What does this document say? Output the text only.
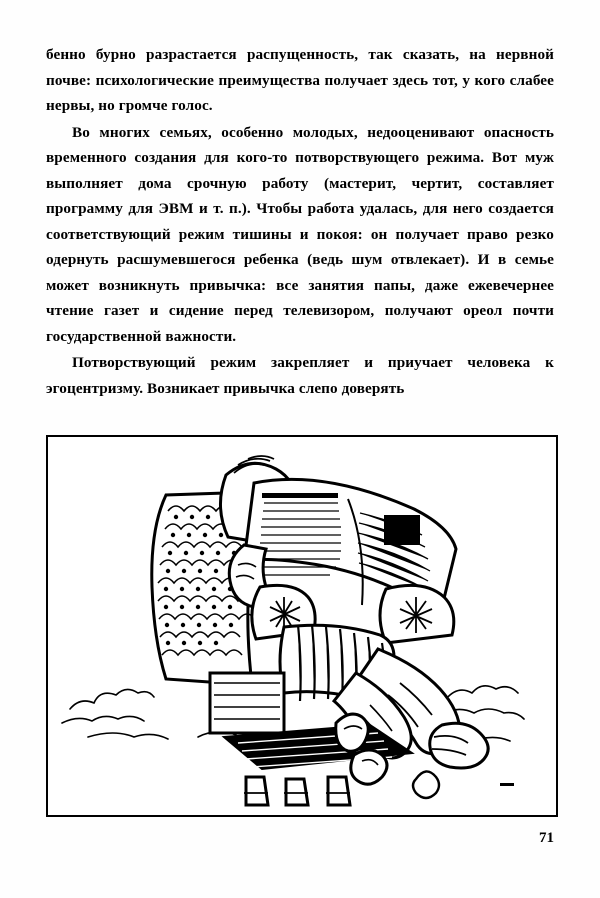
бенно бурно разрастается распущенность, так сказать, на нервной почве: психологические преимущества получает здесь тот, у кого слабее нервы, но громче голос.

Во многих семьях, особенно молодых, недооценивают опасность временного создания для кого-то потворствующего режима. Вот муж выполняет дома срочную работу (мастерит, чертит, составляет программу для ЭВМ и т. п.). Чтобы работа удалась, для него создается соответствующий режим тишины и покоя: он получает право резко одернуть расшумевшегося ребенка (ведь шум отвлекает). И в семье может возникнуть привычка: все занятия папы, даже ежевечернее чтение газет и сидение перед телевизором, получают ореол почти государственной важности.

Потворствующий режим закрепляет и приучает человека к эгоцентризму. Возникает привычка слепо доверять

71
